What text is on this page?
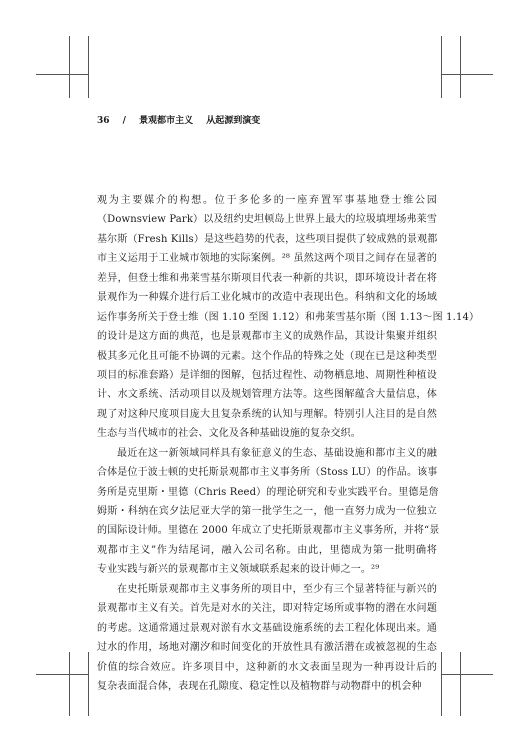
36 / 景观都市主义 从起源到演变
观为主要媒介的构想。位于多伦多的一座弃置军事基地登士维公园
（Downsview Park）以及纽约史坦顿岛上世界上最大的垃圾填埋场弗莱雪
基尔斯（Fresh Kills）是这些趋势的代表，这些项目提供了较成熟的景观都
市主义运用于工业城市领地的实际案例。²⁸ 虽然这两个项目之间存在显著的
差异，但登士维和弗莱雪基尔斯项目代表一种新的共识，即环境设计者在将
景观作为一种媒介进行后工业化城市的改造中表现出色。科纳和文化的场域
运作事务所关于登士维（图 1.10 至图 1.12）和弗莱雪基尔斯（图 1.13～图 1.14）
的设计是这方面的典范，也是景观都市主义的成熟作品，其设计集聚并组织
极其多元化且可能不协调的元素。这个作品的特殊之处（现在已是这种类型
项目的标准套路）是详细的图解，包括过程性、动物栖息地、周期性种植设
计、水文系统、活动项目以及规划管理方法等。这些图解蕴含大量信息，体
现了对这种尺度项目庞大且复杂系统的认知与理解。特别引人注目的是自然
生态与当代城市的社会、文化及各种基础设施的复杂交织。
最近在这一新领域同样具有象征意义的生态、基础设施和都市主义的融
合体是位于波士顿的史托斯景观都市主义事务所（Stoss LU）的作品。该事
务所是克里斯・里德（Chris Reed）的理论研究和专业实践平台。里德是詹
姆斯・科纳在宾夕法尼亚大学的第一批学生之一，他一直努力成为一位独立
的国际设计师。里德在 2000 年成立了史托斯景观都市主义事务所，并将“景
观都市主义”作为结尾词，融入公司名称。由此，里德成为第一批明确将
专业实践与新兴的景观都市主义领域联系起来的设计师之一。²⁹
在史托斯景观都市主义事务所的项目中，至少有三个显著特征与新兴的
景观都市主义有关。首先是对水的关注，即对特定场所或事物的潜在水问题
的考虑。这通常通过景观对淤有水文基础设施系统的去工程化体现出来。通
过水的作用，场地对潮汐和时间变化的开放性具有激活潜在或被忽视的生态
价值的综合效应。许多项目中，这种新的水文表面呈现为一种再设计后的
复杂表面混合体，表现在孔隙度、稳定性以及植物群与动物群中的机会种
